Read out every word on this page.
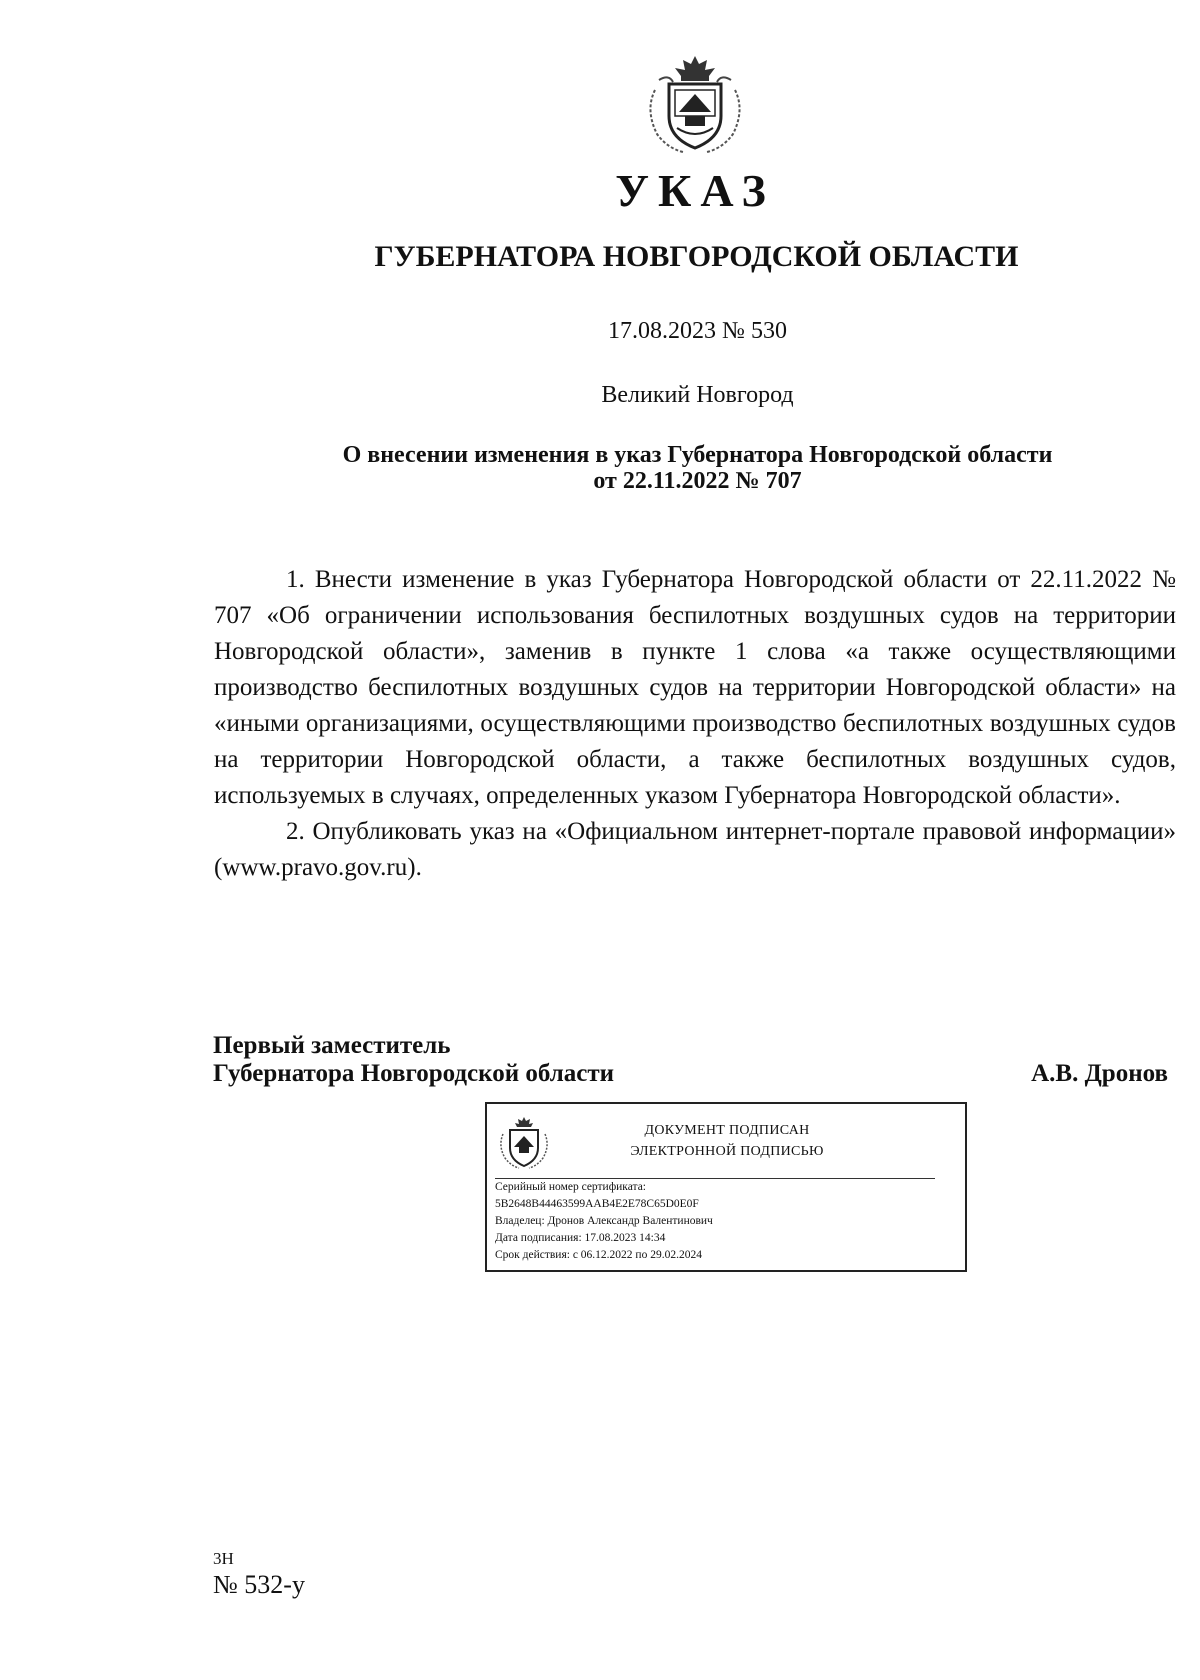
УКАЗ
ГУБЕРНАТОРА НОВГОРОДСКОЙ ОБЛАСТИ
17.08.2023 № 530
Великий Новгород
О внесении изменения в указ Губернатора Новгородской области
от 22.11.2022 № 707

1. Внести изменение в указ Губернатора Новгородской области от 22.11.2022 № 707 «Об ограничении использования беспилотных воздушных судов на территории Новгородской области», заменив в пункте 1 слова «а также осуществляющими производство беспилотных воздушных судов на территории Новгородской области» на «иными организациями, осуществляющими производство беспилотных воздушных судов на территории Новгородской области, а также беспилотных воздушных судов, используемых в случаях, определенных указом Губернатора Новгородской области».

2. Опубликовать указ на «Официальном интернет-портале правовой информации» (www.pravo.gov.ru).

Первый заместитель
Губернатора Новгородской области	А.В. Дронов
ДОКУМЕНТ ПОДПИСАН
ЭЛЕКТРОННОЙ ПОДПИСЬЮ
Серийный номер сертификата:
5B2648B44463599AAB4E2E78C65D0E0F
Владелец: Дронов Александр Валентинович
Дата подписания: 17.08.2023 14:34
Срок действия: с 06.12.2022 по 29.02.2024
3Н
№ 532-у
